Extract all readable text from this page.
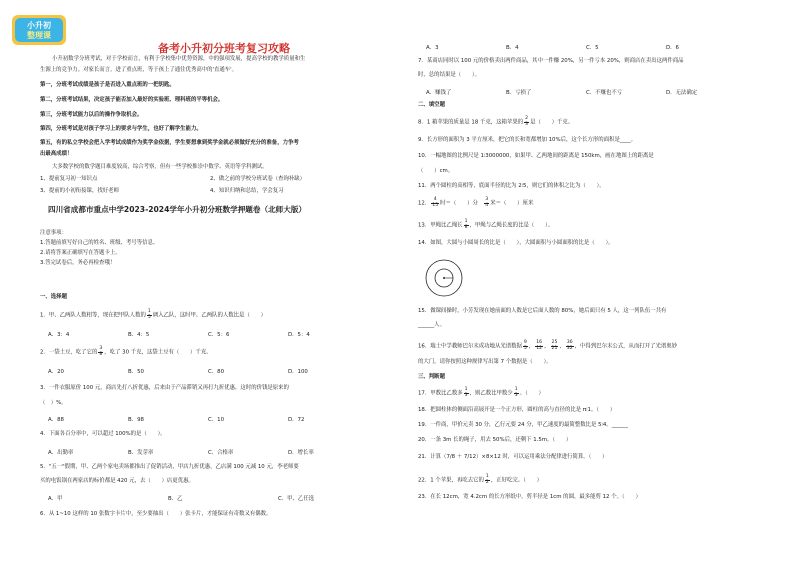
小升初
整理课
备考小升初分班考复习攻略
小升初数学分班考试，对于学校而言，有利于学校集中优势资源，中的强项发展，提高学校的教学质量和生
生源上的竞争力。对家长而言，进了重点班，等于孩上了通往优秀高中的'直通车'。
第一，分班考试成绩是孩子是否进入重点班的一把钥匙。
第二，分班考试结果，决定孩子能否加入最好的实验班、理科班的平等机会。
第三，分班考试能力以后的操作争取机会。
第四，分班考试是对孩子学习上的要求与学生，也好了解学生能力。
第五，有的私立学校会把入学考试成绩作为奖学金依据，学生要想拿到奖学金就必须做好充分的准备，力争考
出最高成绩！
大多数学校的数学题目难度较高，综合考察，但有一些学校推崇中数学、英语等学科测试。
1、提前复习初一知识点	2、做之前的学校分班试卷（查询补缺）
3、提前的小初衔接课，找好老师	4、知识归纳和总结，学会复习
四川省成都市重点中学2023-2024学年小升初分班数学押题卷（北师大版）
注意事项：
1.答题前填写好自己的姓名、班级、考号等信息。
2.请将答案正确填写在答题卡上。
3.答完试卷后，务必再检查哦！
一、选择题
1．甲、乙两队人数相等，现在把甲队人数的 $\frac{1}{5}$ 调入乙队，这时甲、乙两队的人数比是（　　）
A．3：4	B．4：5	C．5：6	D．5：4
2．一袋土豆，吃了它的 $\frac{3}{8}$ ，吃了 30 千克，这袋土豆有（　　）千克。
A．20	B．50	C．80	D．100
3．一件衣服原价 100 元，商店先打八折优惠，后来由于产品滞销又再打九折优惠，这时的价钱是原来的
（　）%。
A．88	B．98	C．10	D．72
4．下面各百分率中，可以超过 100%的是（　　）。
A．出勤率	B．发芽率	C．合格率	D．增长率
5．"五一"假期，甲、乙两个家电卖场都推出了促销活动，甲店九折优惠，乙店满 100 元减 10 元，李老师要
买的电饭锅在两家店的标价都是 420 元，去（　　）店更优惠。
A．甲	B．乙	C．甲、乙任选
6．从 1~10 这样的 10 张数字卡片中，至少要抽出（　　）张卡片，才能保证有奇数又有偶数。
A．3	B．4	C．5	D．6
7．某商店同时以 100 元的价格卖出两件商品，其中一件赚 20%，另一件亏本 20%，则商店在卖出这两件商品
时，总的结果是（　　）。
A．赚钱了	B．亏损了	C．不赚也不亏	D．无法确定
二、填空题
8．1 箱苹果的质量是 18 千克，这箱苹果的 $\frac{2}{3}$ 是（　　）千克。
9．长方形的面积为 3 平方厘米，把它的长和宽都增加 10%后，这个长方形的面积是____。
10．一幅地图的比例尺是 1∶3000000，如果甲、乙两地间的距离是 150km，画在地图上的距离是
（　　）cm。
11．两个圆柱的高相等，底面半径的比为 2∶5，则它们的体积之比为（　　）。
12． $\frac{4}{15}$ 时＝（　　）分　 $\frac{3}{4}$ 米＝（　　）厘米
13．甲绳比乙绳长 $\frac{1}{8}$ ，甲绳与乙绳长度的比是（　　）。
14．如图，大圆与小圆周长的比是（　　），大圆面积与小圆面积的比是（　　）。
15．做课间操时，小芳发现在她前面的人数是它后面人数的 80%，她后面只有 5 人，这一列队伍一共有
______人。
16．瑞士中学教师巴尔末成功地从光谱数据 $\frac{9}{5}$ ， $\frac{16}{12}$ ， $\frac{25}{21}$ ， $\frac{36}{32}$ ，中得到巴尔末公式，从而打开了光谱奥妙
的大门，请你按照这种规律写出第 7 个数据是（　　）。
三、判断题
17．甲数比乙数多 $\frac{1}{3}$ ，则乙数比甲数少 $\frac{1}{3}$ 。（　　）
18．把圆柱体的侧面沿高展开是一个正方形，圆柱的高与直径的比是 π∶1。（　　）
19．一件商，甲价元卖 30 分，乙行元要 24 分，甲乙速度的最简整数比是 5∶4。______
20．一条 3m 长的绳子，用去 50%后，还剩下 1.5m。（　　）
21．计算（7/8 ＋ 7/12）×8×12 时，可以运用乘法分配律进行简算。（　　）
22．1 个苹果，再吃去它的 $\frac{1}{2}$ ，正好吃完。（　　）
23．在长 12cm，宽 4.2cm 的长方形纸中，剪半径是 1cm 的圆，最多能剪 12 个。（　　）
